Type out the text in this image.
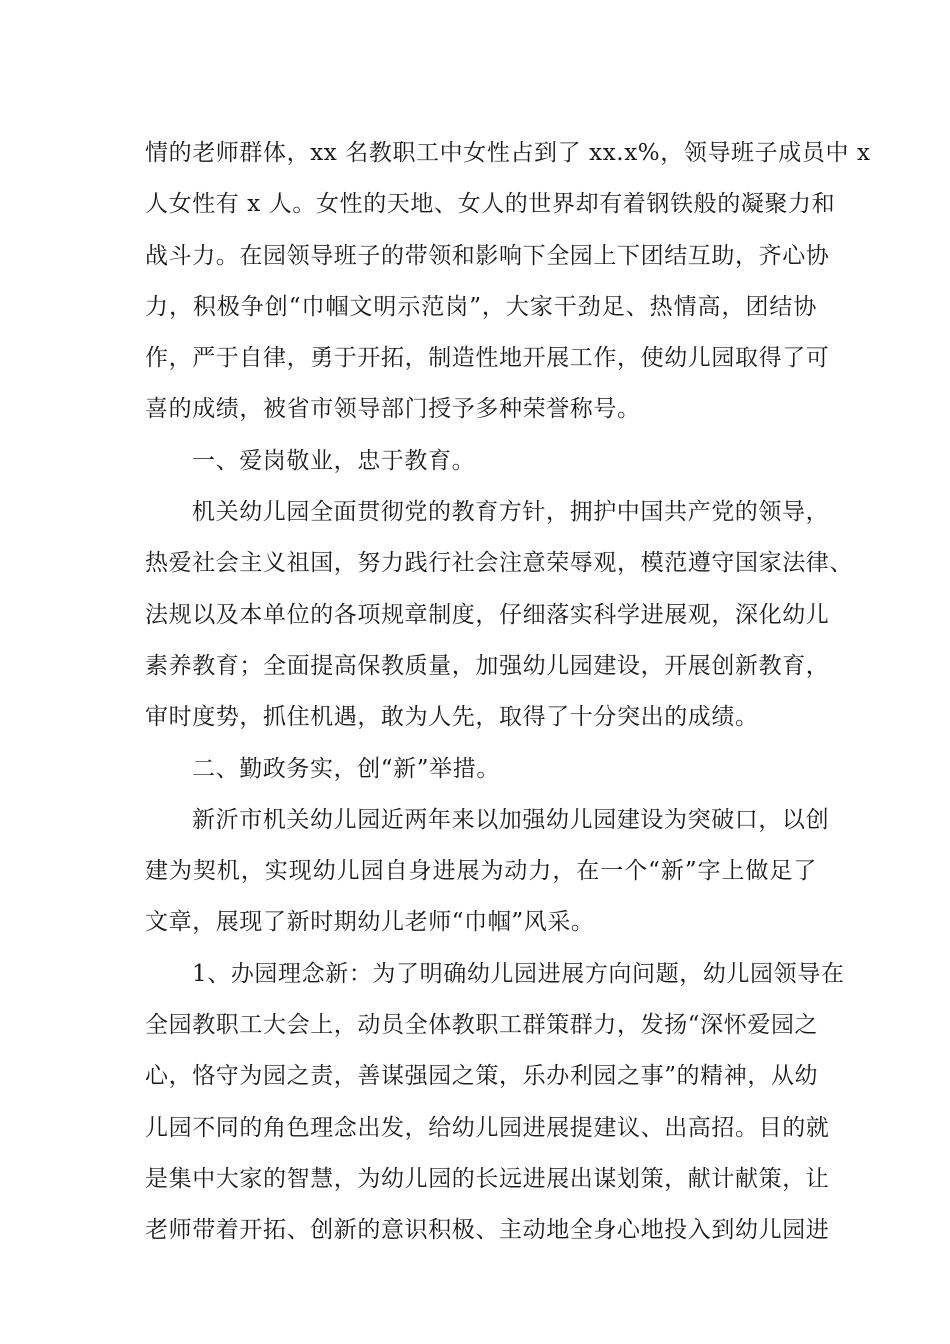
情的老师群体，xx 名教职工中女性占到了 xx.x%，领导班子成员中 x
人女性有 x 人。女性的天地、女人的世界却有着钢铁般的凝聚力和
战斗力。在园领导班子的带领和影响下全园上下团结互助，齐心协
力，积极争创“巾帼文明示范岗”，大家干劲足、热情高，团结协
作，严于自律，勇于开拓，制造性地开展工作，使幼儿园取得了可
喜的成绩，被省市领导部门授予多种荣誉称号。
一、爱岗敬业，忠于教育。
机关幼儿园全面贯彻党的教育方针，拥护中国共产党的领导，
热爱社会主义祖国，努力践行社会注意荣辱观，模范遵守国家法律、
法规以及本单位的各项规章制度，仔细落实科学进展观，深化幼儿
素养教育；全面提高保教质量，加强幼儿园建设，开展创新教育，
审时度势，抓住机遇，敢为人先，取得了十分突出的成绩。
二、勤政务实，创“新”举措。
新沂市机关幼儿园近两年来以加强幼儿园建设为突破口，以创
建为契机，实现幼儿园自身进展为动力，在一个“新”字上做足了
文章，展现了新时期幼儿老师“巾帼”风采。
1、办园理念新：为了明确幼儿园进展方向问题，幼儿园领导在
全园教职工大会上，动员全体教职工群策群力，发扬“深怀爱园之
心，恪守为园之责，善谋强园之策，乐办利园之事”的精神，从幼
儿园不同的角色理念出发，给幼儿园进展提建议、出高招。目的就
是集中大家的智慧，为幼儿园的长远进展出谋划策，献计献策，让
老师带着开拓、创新的意识积极、主动地全身心地投入到幼儿园进
